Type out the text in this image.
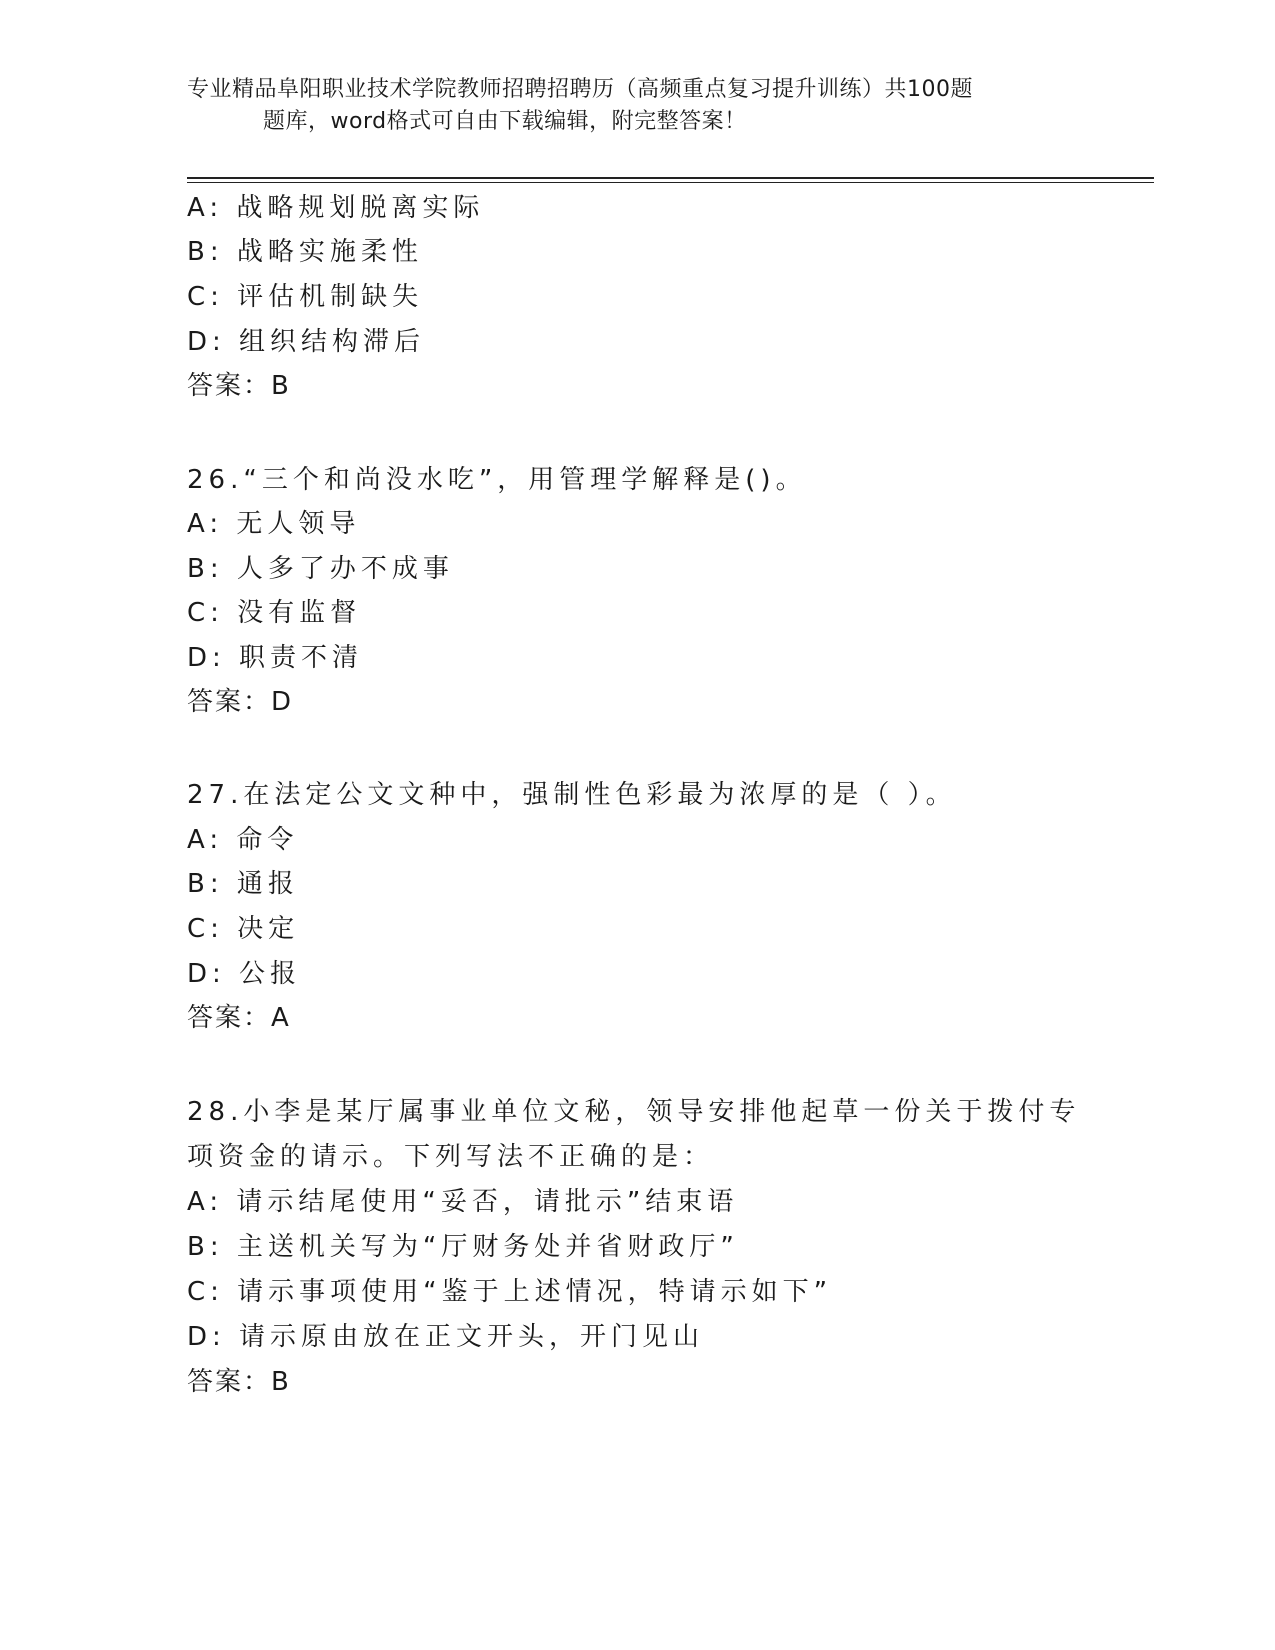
专业精品阜阳职业技术学院教师招聘招聘历（高频重点复习提升训练）共100题
题库，word格式可自由下载编辑，附完整答案！
A: 战略规划脱离实际
B: 战略实施柔性
C: 评估机制缺失
D: 组织结构滞后
答案：B
26.“三个和尚没水吃”，用管理学解释是()。
A: 无人领导
B: 人多了办不成事
C: 没有监督
D: 职责不清
答案：D
27.在法定公文文种中，强制性色彩最为浓厚的是（ ）。
A: 命令
B: 通报
C: 决定
D: 公报
答案：A
28.小李是某厅属事业单位文秘，领导安排他起草一份关于拨付专项资金的请示。下列写法不正确的是：
A: 请示结尾使用“妥否，请批示”结束语
B: 主送机关写为“厅财务处并省财政厅”
C: 请示事项使用“鉴于上述情况，特请示如下”
D: 请示原由放在正文开头，开门见山
答案：B
